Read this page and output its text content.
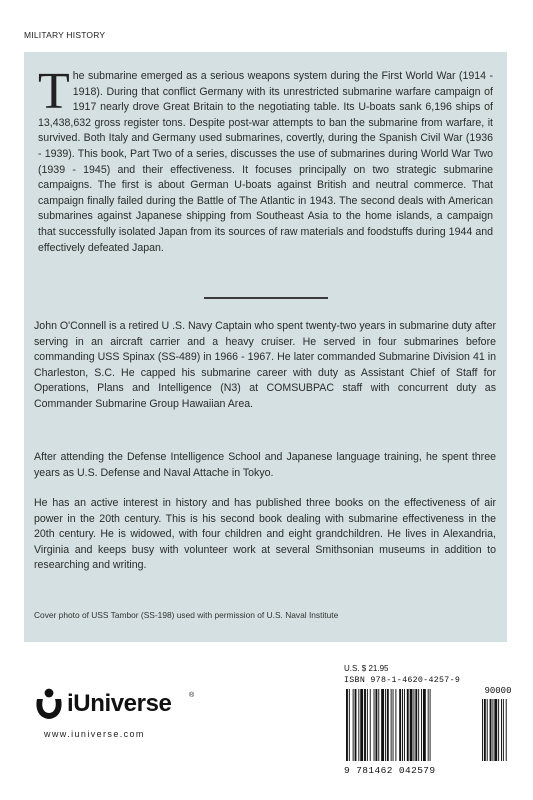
MILITARY HISTORY

The submarine emerged as a serious weapons system during the First World War (1914 - 1918). During that conflict Germany with its unrestricted submarine warfare campaign of 1917 nearly drove Great Britain to the negotiating table. Its U-boats sank 6,196 ships of 13,438,632 gross register tons. Despite post-war attempts to ban the submarine from warfare, it survived. Both Italy and Germany used submarines, covertly, during the Spanish Civil War (1936 - 1939). This book, Part Two of a series, discusses the use of submarines during World War Two (1939 - 1945) and their effectiveness. It focuses principally on two strategic submarine campaigns. The first is about German U-boats against British and neutral commerce. That campaign finally failed during the Battle of The Atlantic in 1943. The second deals with American submarines against Japanese shipping from Southeast Asia to the home islands, a campaign that successfully isolated Japan from its sources of raw materials and foodstuffs during 1944 and effectively defeated Japan.

John O'Connell is a retired U .S. Navy Captain who spent twenty-two years in submarine duty after serving in an aircraft carrier and a heavy cruiser. He served in four submarines before commanding USS Spinax (SS-489) in 1966 - 1967. He later commanded Submarine Division 41 in Charleston, S.C. He capped his submarine career with duty as Assistant Chief of Staff for Operations, Plans and Intelligence (N3) at COMSUBPAC staff with concurrent duty as Commander Submarine Group Hawaiian Area.

After attending the Defense Intelligence School and Japanese language training, he spent three years as U.S. Defense and Naval Attache in Tokyo.

He has an active interest in history and has published three books on the effectiveness of air power in the 20th century. This is his second book dealing with submarine effectiveness in the 20th century. He is widowed, with four children and eight grandchildren. He lives in Alexandria, Virginia and keeps busy with volunteer work at several Smithsonian museums in addition to researching and writing.

Cover photo of USS Tambor (SS-198) used with permission of U.S. Naval Institute
iUniverse	®
www.iuniverse.com
U.S. $ 21.95
ISBN 978-1-4620-4257-9
90000
9 781462 042579
